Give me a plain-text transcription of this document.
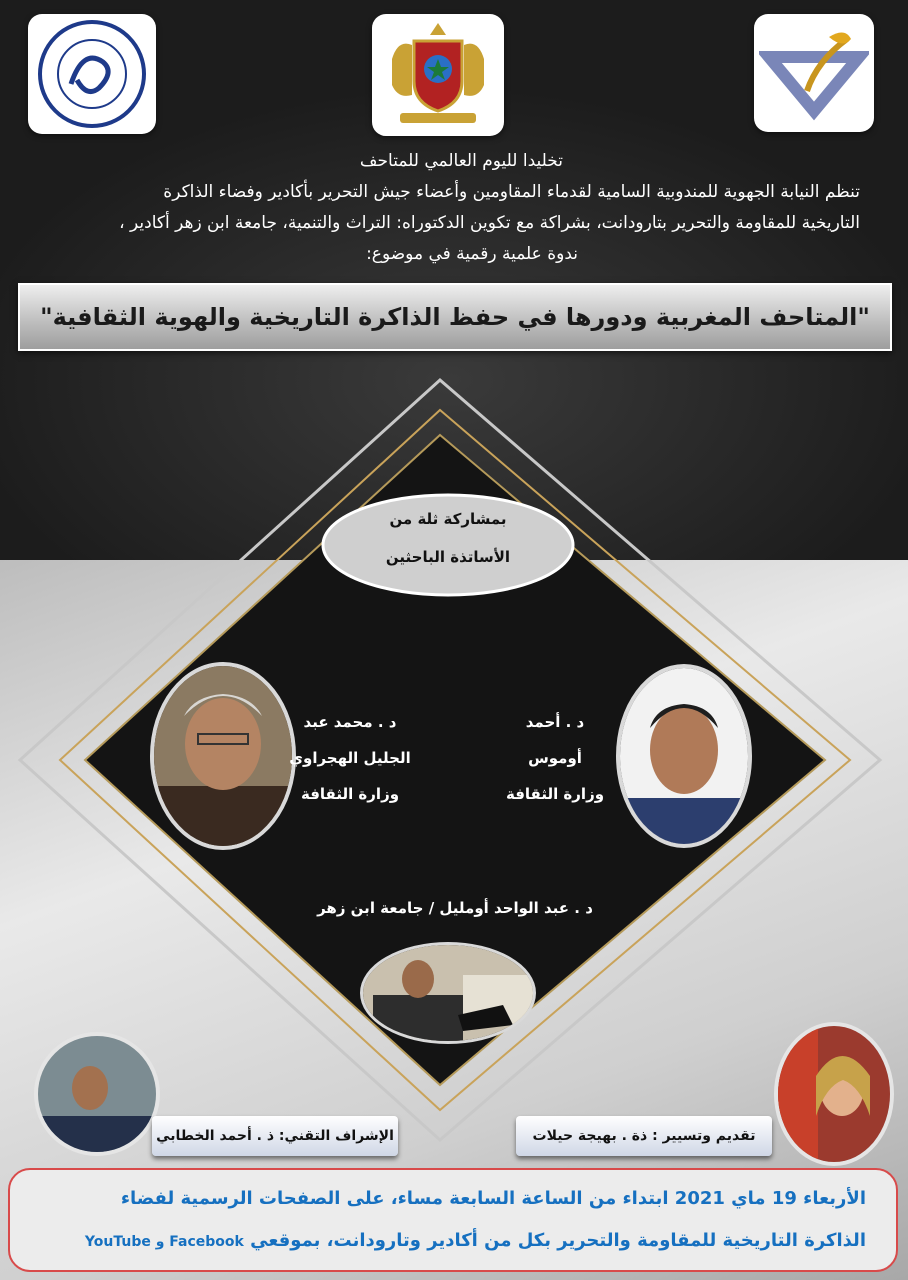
تخليدا لليوم العالمي للمتاحف
تنظم النيابة الجهوية للمندوبية السامية لقدماء المقاومين وأعضاء جيش التحرير بأكادير وفضاء الذاكرة
التاريخية للمقاومة والتحرير بتارودانت، بشراكة مع تكوين الدكتوراه: التراث والتنمية، جامعة ابن زهر أكادير ،
ندوة علمية رقمية في موضوع:
"المتاحف المغربية ودورها في حفظ الذاكرة التاريخية والهوية الثقافية"
بمشاركة ثلة من
الأساتذة الباحثين
د . محمد عبد
الجليل الهجراوي
وزارة الثقافة
د . أحمد
أوموس
وزارة الثقافة
د . عبد الواحد أومليل / جامعة ابن زهر
الإشراف التقني: ذ . أحمد الخطابي	تقديم وتسيير : ذة . بهيجة حيلات
الأربعاء 19 ماي 2021 ابتداء من الساعة السابعة مساء، على الصفحات الرسمية لفضاء
الذاكرة التاريخية للمقاومة والتحرير بكل من أكادير وتارودانت، بموقعي Facebook و YouTube
